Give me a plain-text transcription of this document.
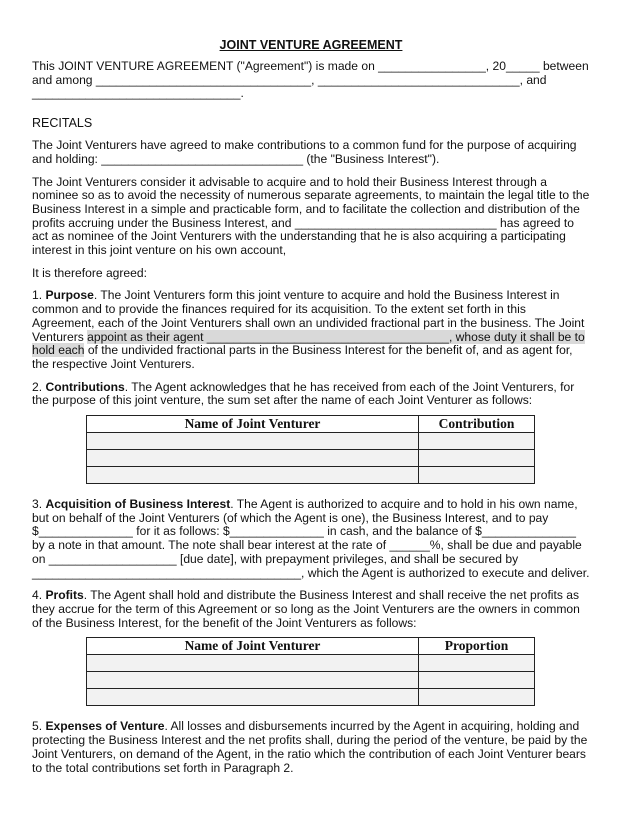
JOINT VENTURE AGREEMENT

This JOINT VENTURE AGREEMENT ("Agreement") is made on ________________, 20_____ between and among ________________________________, ______________________________, and _______________________________.

RECITALS

The Joint Venturers have agreed to make contributions to a common fund for the purpose of acquiring and holding: ______________________________ (the "Business Interest").

The Joint Venturers consider it advisable to acquire and to hold their Business Interest through a nominee so as to avoid the necessity of numerous separate agreements, to maintain the legal title to the Business Interest in a simple and practicable form, and to facilitate the collection and distribution of the profits accruing under the Business Interest, and ______________________________ has agreed to act as nominee of the Joint Venturers with the understanding that he is also acquiring a participating interest in this joint venture on his own account,

It is therefore agreed:

1. Purpose. The Joint Venturers form this joint venture to acquire and hold the Business Interest in common and to provide the finances required for its acquisition. To the extent set forth in this Agreement, each of the Joint Venturers shall own an undivided fractional part in the business. The Joint Venturers appoint as their agent ____________________________________, whose duty it shall be to hold each of the undivided fractional parts in the Business Interest for the benefit of, and as agent for, the respective Joint Venturers.

2. Contributions. The Agent acknowledges that he has received from each of the Joint Venturers, for the purpose of this joint venture, the sum set after the name of each Joint Venturer as follows:

Name of Joint Venturer	Contribution

3. Acquisition of Business Interest. The Agent is authorized to acquire and to hold in his own name, but on behalf of the Joint Venturers (of which the Agent is one), the Business Interest, and to pay $______________ for it as follows: $______________ in cash, and the balance of $______________ by a note in that amount. The note shall bear interest at the rate of ______%, shall be due and payable on ___________________ [due date], with prepayment privileges, and shall be secured by ________________________________________, which the Agent is authorized to execute and deliver.

4. Profits. The Agent shall hold and distribute the Business Interest and shall receive the net profits as they accrue for the term of this Agreement or so long as the Joint Venturers are the owners in common of the Business Interest, for the benefit of the Joint Venturers as follows:

Name of Joint Venturer	Proportion

5. Expenses of Venture. All losses and disbursements incurred by the Agent in acquiring, holding and protecting the Business Interest and the net profits shall, during the period of the venture, be paid by the Joint Venturers, on demand of the Agent, in the ratio which the contribution of each Joint Venturer bears to the total contributions set forth in Paragraph 2.
